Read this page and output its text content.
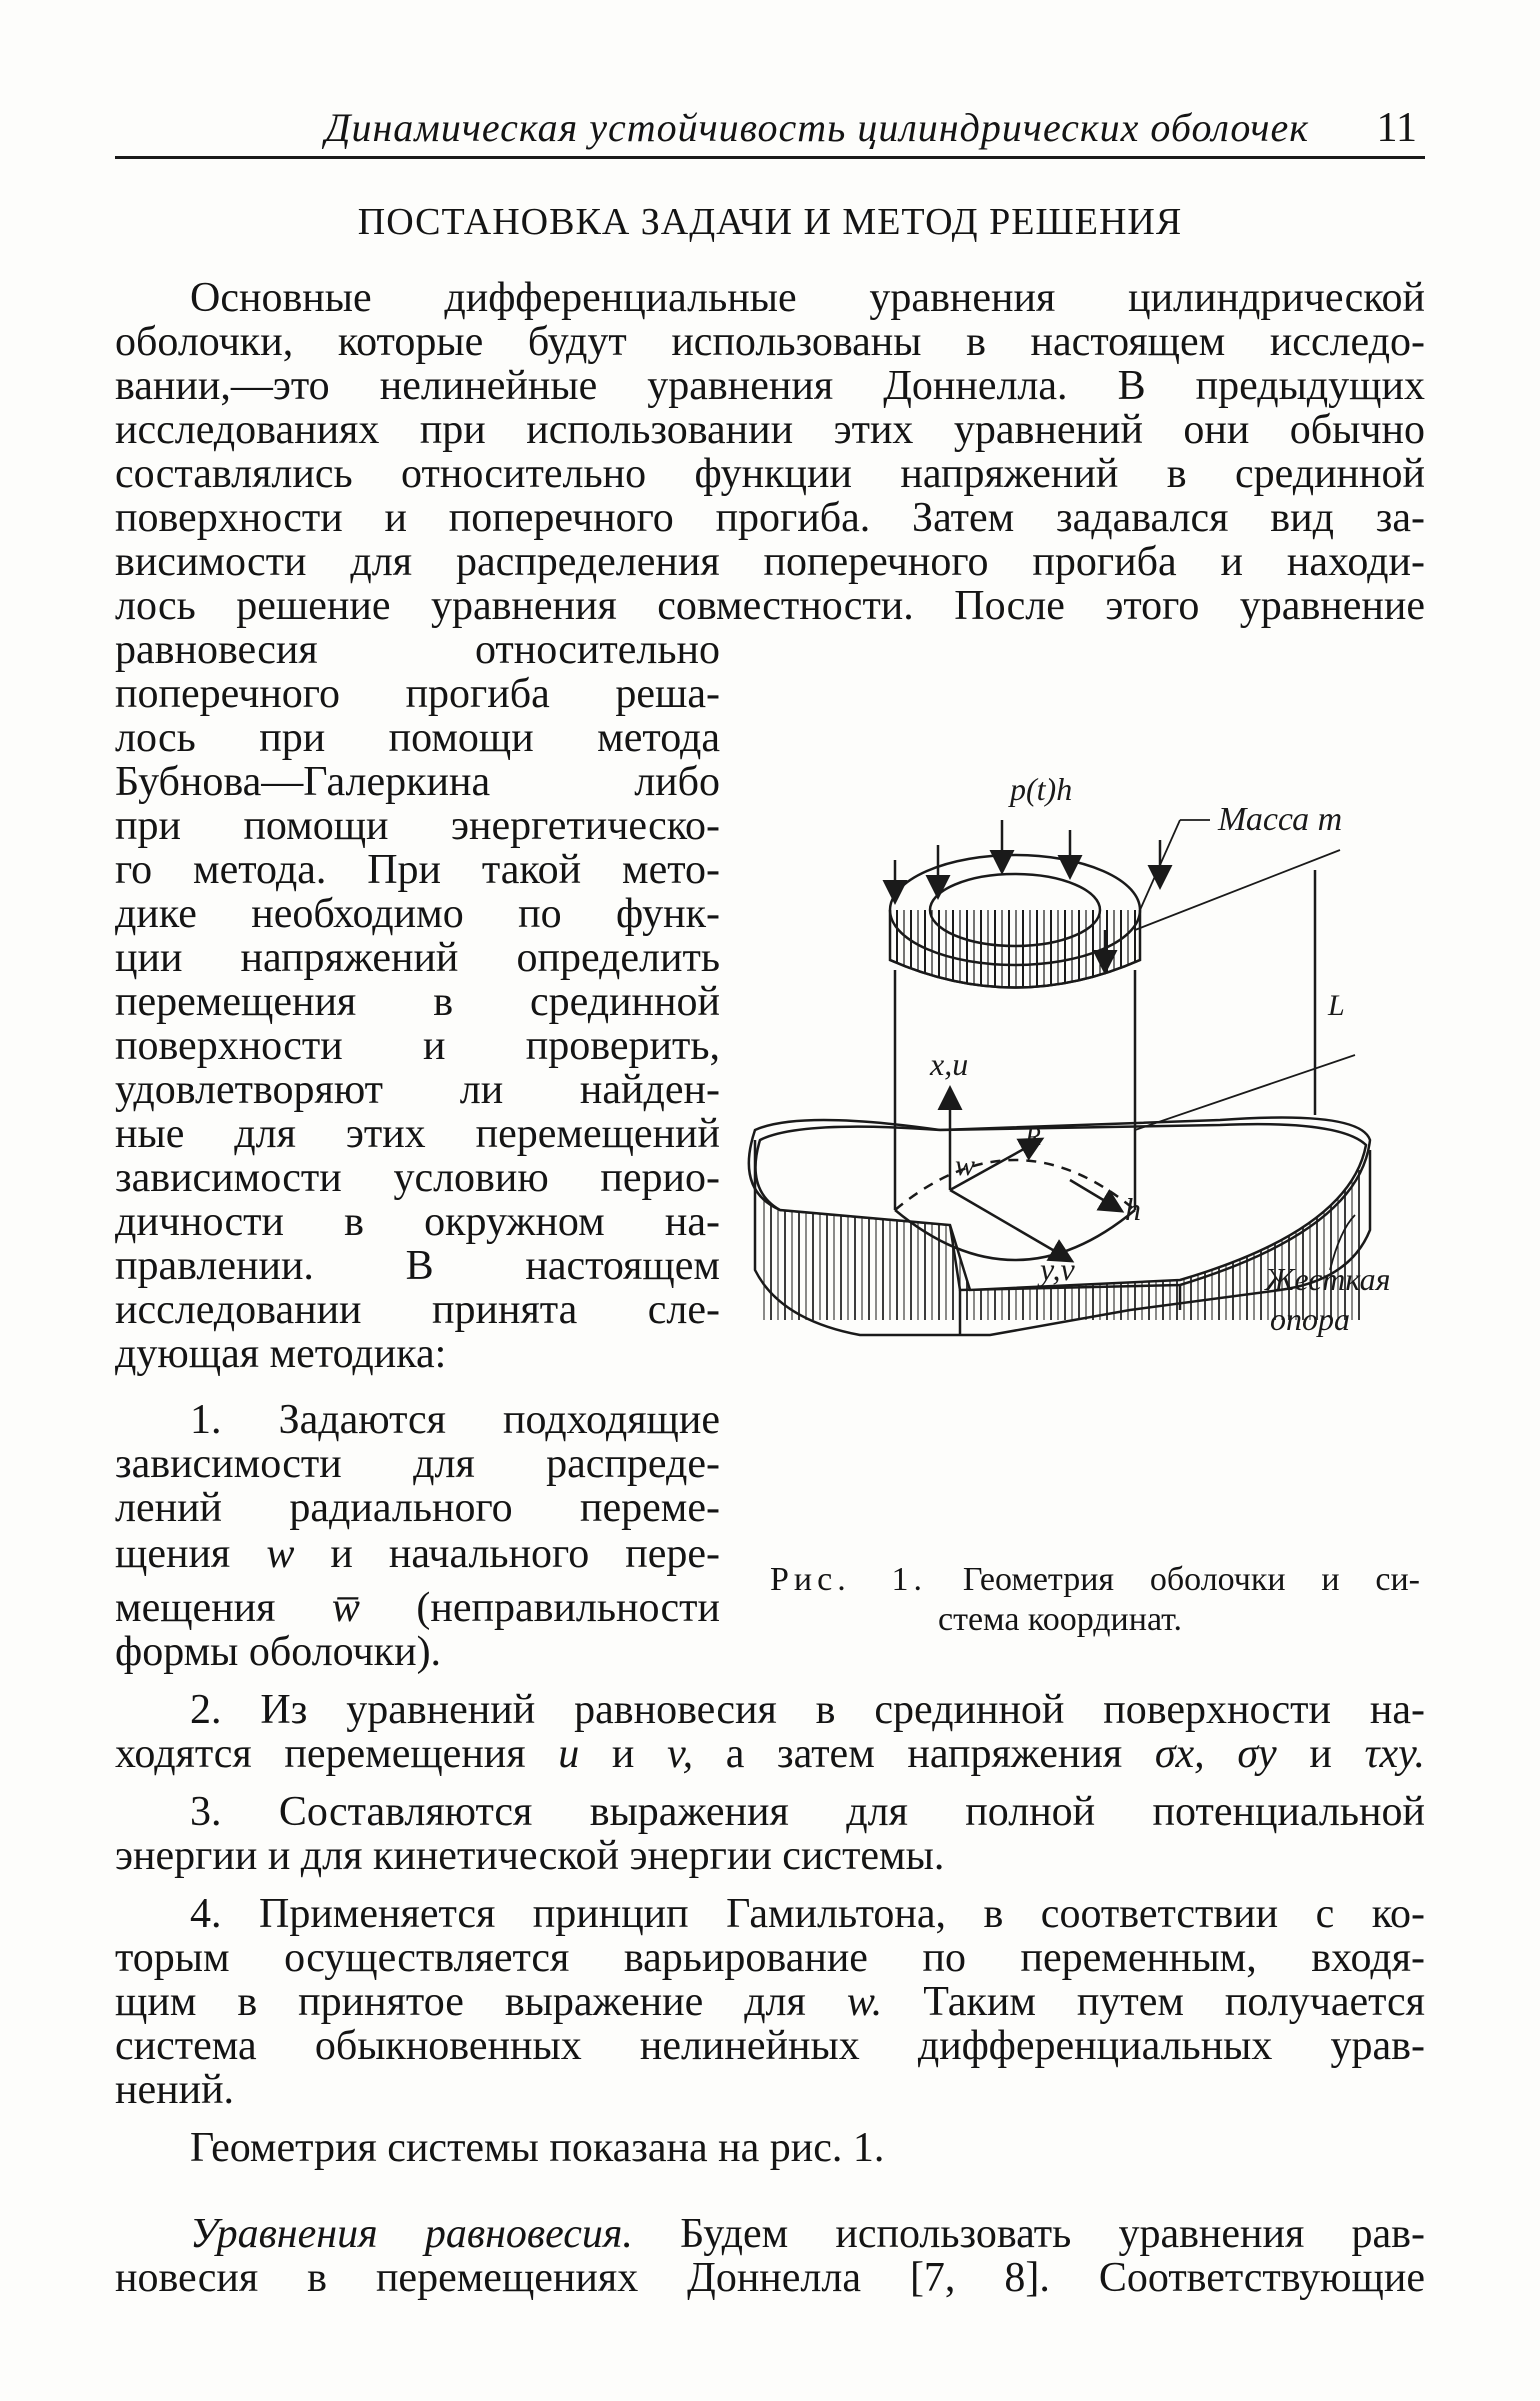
Динамическая устойчивость цилиндрических оболочек 11
ПОСТАНОВКА ЗАДАЧИ И МЕТОД РЕШЕНИЯ
Основные дифференциальные уравнения цилиндрической
оболочки, которые будут использованы в настоящем исследо-
вании,—это нелинейные уравнения Доннелла. В предыдущих
исследованиях при использовании этих уравнений они обычно
составлялись относительно функции напряжений в срединной
поверхности и поперечного прогиба. Затем задавался вид за-
висимости для распределения поперечного прогиба и находи-
лось решение уравнения совместности. После этого уравнение
равновесия относительно
поперечного прогиба реша-
лось при помощи метода
Бубнова—Галеркина либо
при помощи энергетическо-
го метода. При такой мето-
дике необходимо по функ-
ции напряжений определить
перемещения в срединной
поверхности и проверить,
удовлетворяют ли найден-
ные для этих перемещений
зависимости условию перио-
дичности в окружном на-
правлении. В настоящем
исследовании принята сле-
дующая методика:
1. Задаются подходящие
зависимости для распреде-
лений радиального переме-
щения w и начального пере-
мещения w̅ (неправильности
формы оболочки).
2. Из уравнений равновесия в срединной поверхности на-
ходятся перемещения u и v, а затем напряжения σx, σy и τxy.
3. Составляются выражения для полной потенциальной
энергии и для кинетической энергии системы.
4. Применяется принцип Гамильтона, в соответствии с ко-
торым осуществляется варьирование по переменным, входя-
щим в принятое выражение для w. Таким путем получается
система обыкновенных нелинейных дифференциальных урав-
нений.
Геометрия системы показана на рис. 1.
Уравнения равновесия. Будем использовать уравнения рав-
новесия в перемещениях Доннелла [7, 8]. Соответствующие
p(t)h
Масса m
L
x,u
w
R
h
y,v	Жесткая
опора
Рис. 1. Геометрия оболочки и си-
стема координат.
